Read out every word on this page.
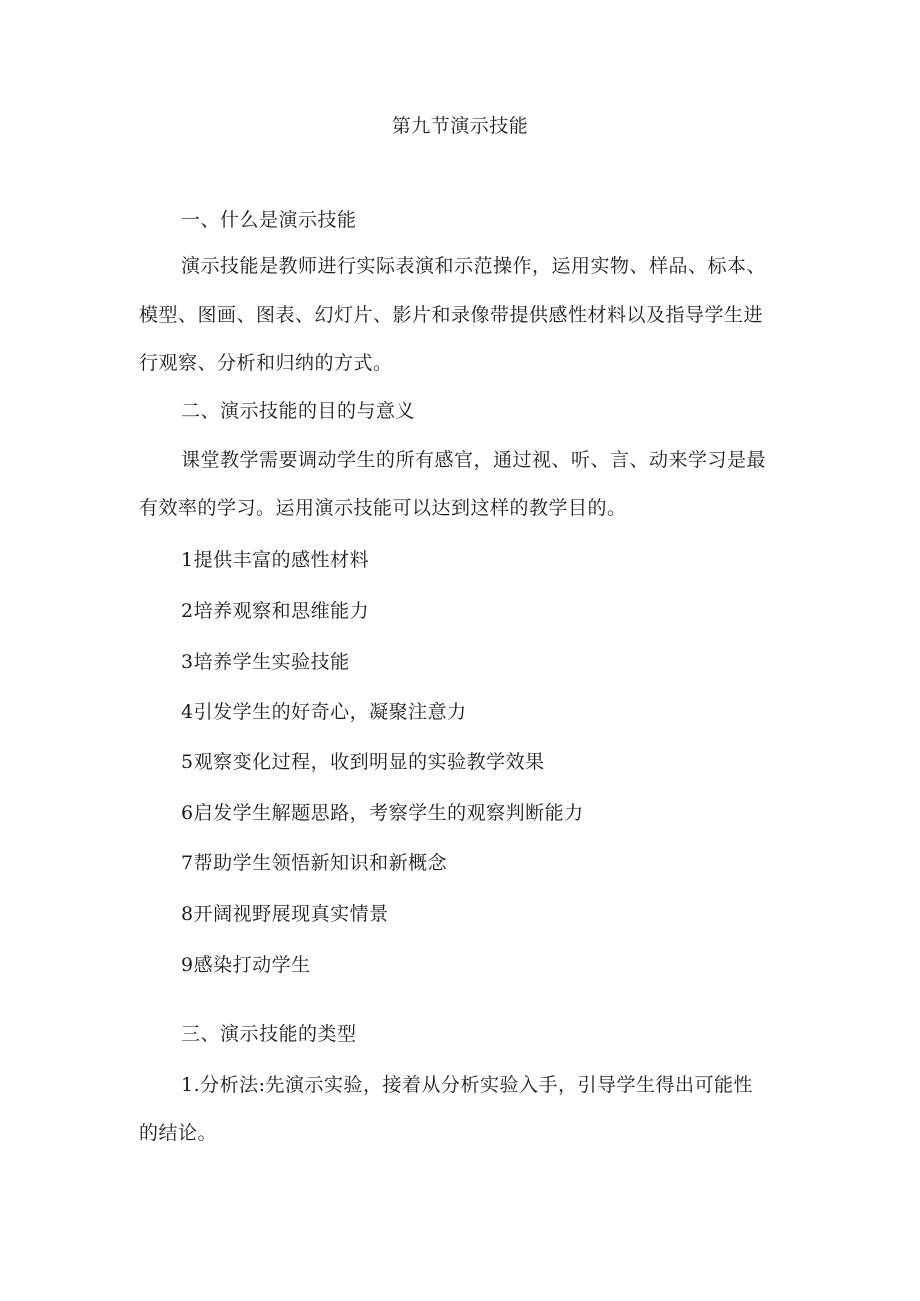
第九节演示技能
一、什么是演示技能
演示技能是教师进行实际表演和示范操作，运用实物、样品、标本、
模型、图画、图表、幻灯片、影片和录像带提供感性材料以及指导学生进
行观察、分析和归纳的方式。
二、演示技能的目的与意义
课堂教学需要调动学生的所有感官，通过视、听、言、动来学习是最
有效率的学习。运用演示技能可以达到这样的教学目的。
1提供丰富的感性材料
2培养观察和思维能力
3培养学生实验技能
4引发学生的好奇心，凝聚注意力
5观察变化过程，收到明显的实验教学效果
6启发学生解题思路，考察学生的观察判断能力
7帮助学生领悟新知识和新概念
8开阔视野展现真实情景
9感染打动学生
三、演示技能的类型
1.分析法:先演示实验，接着从分析实验入手，引导学生得出可能性
的结论。
